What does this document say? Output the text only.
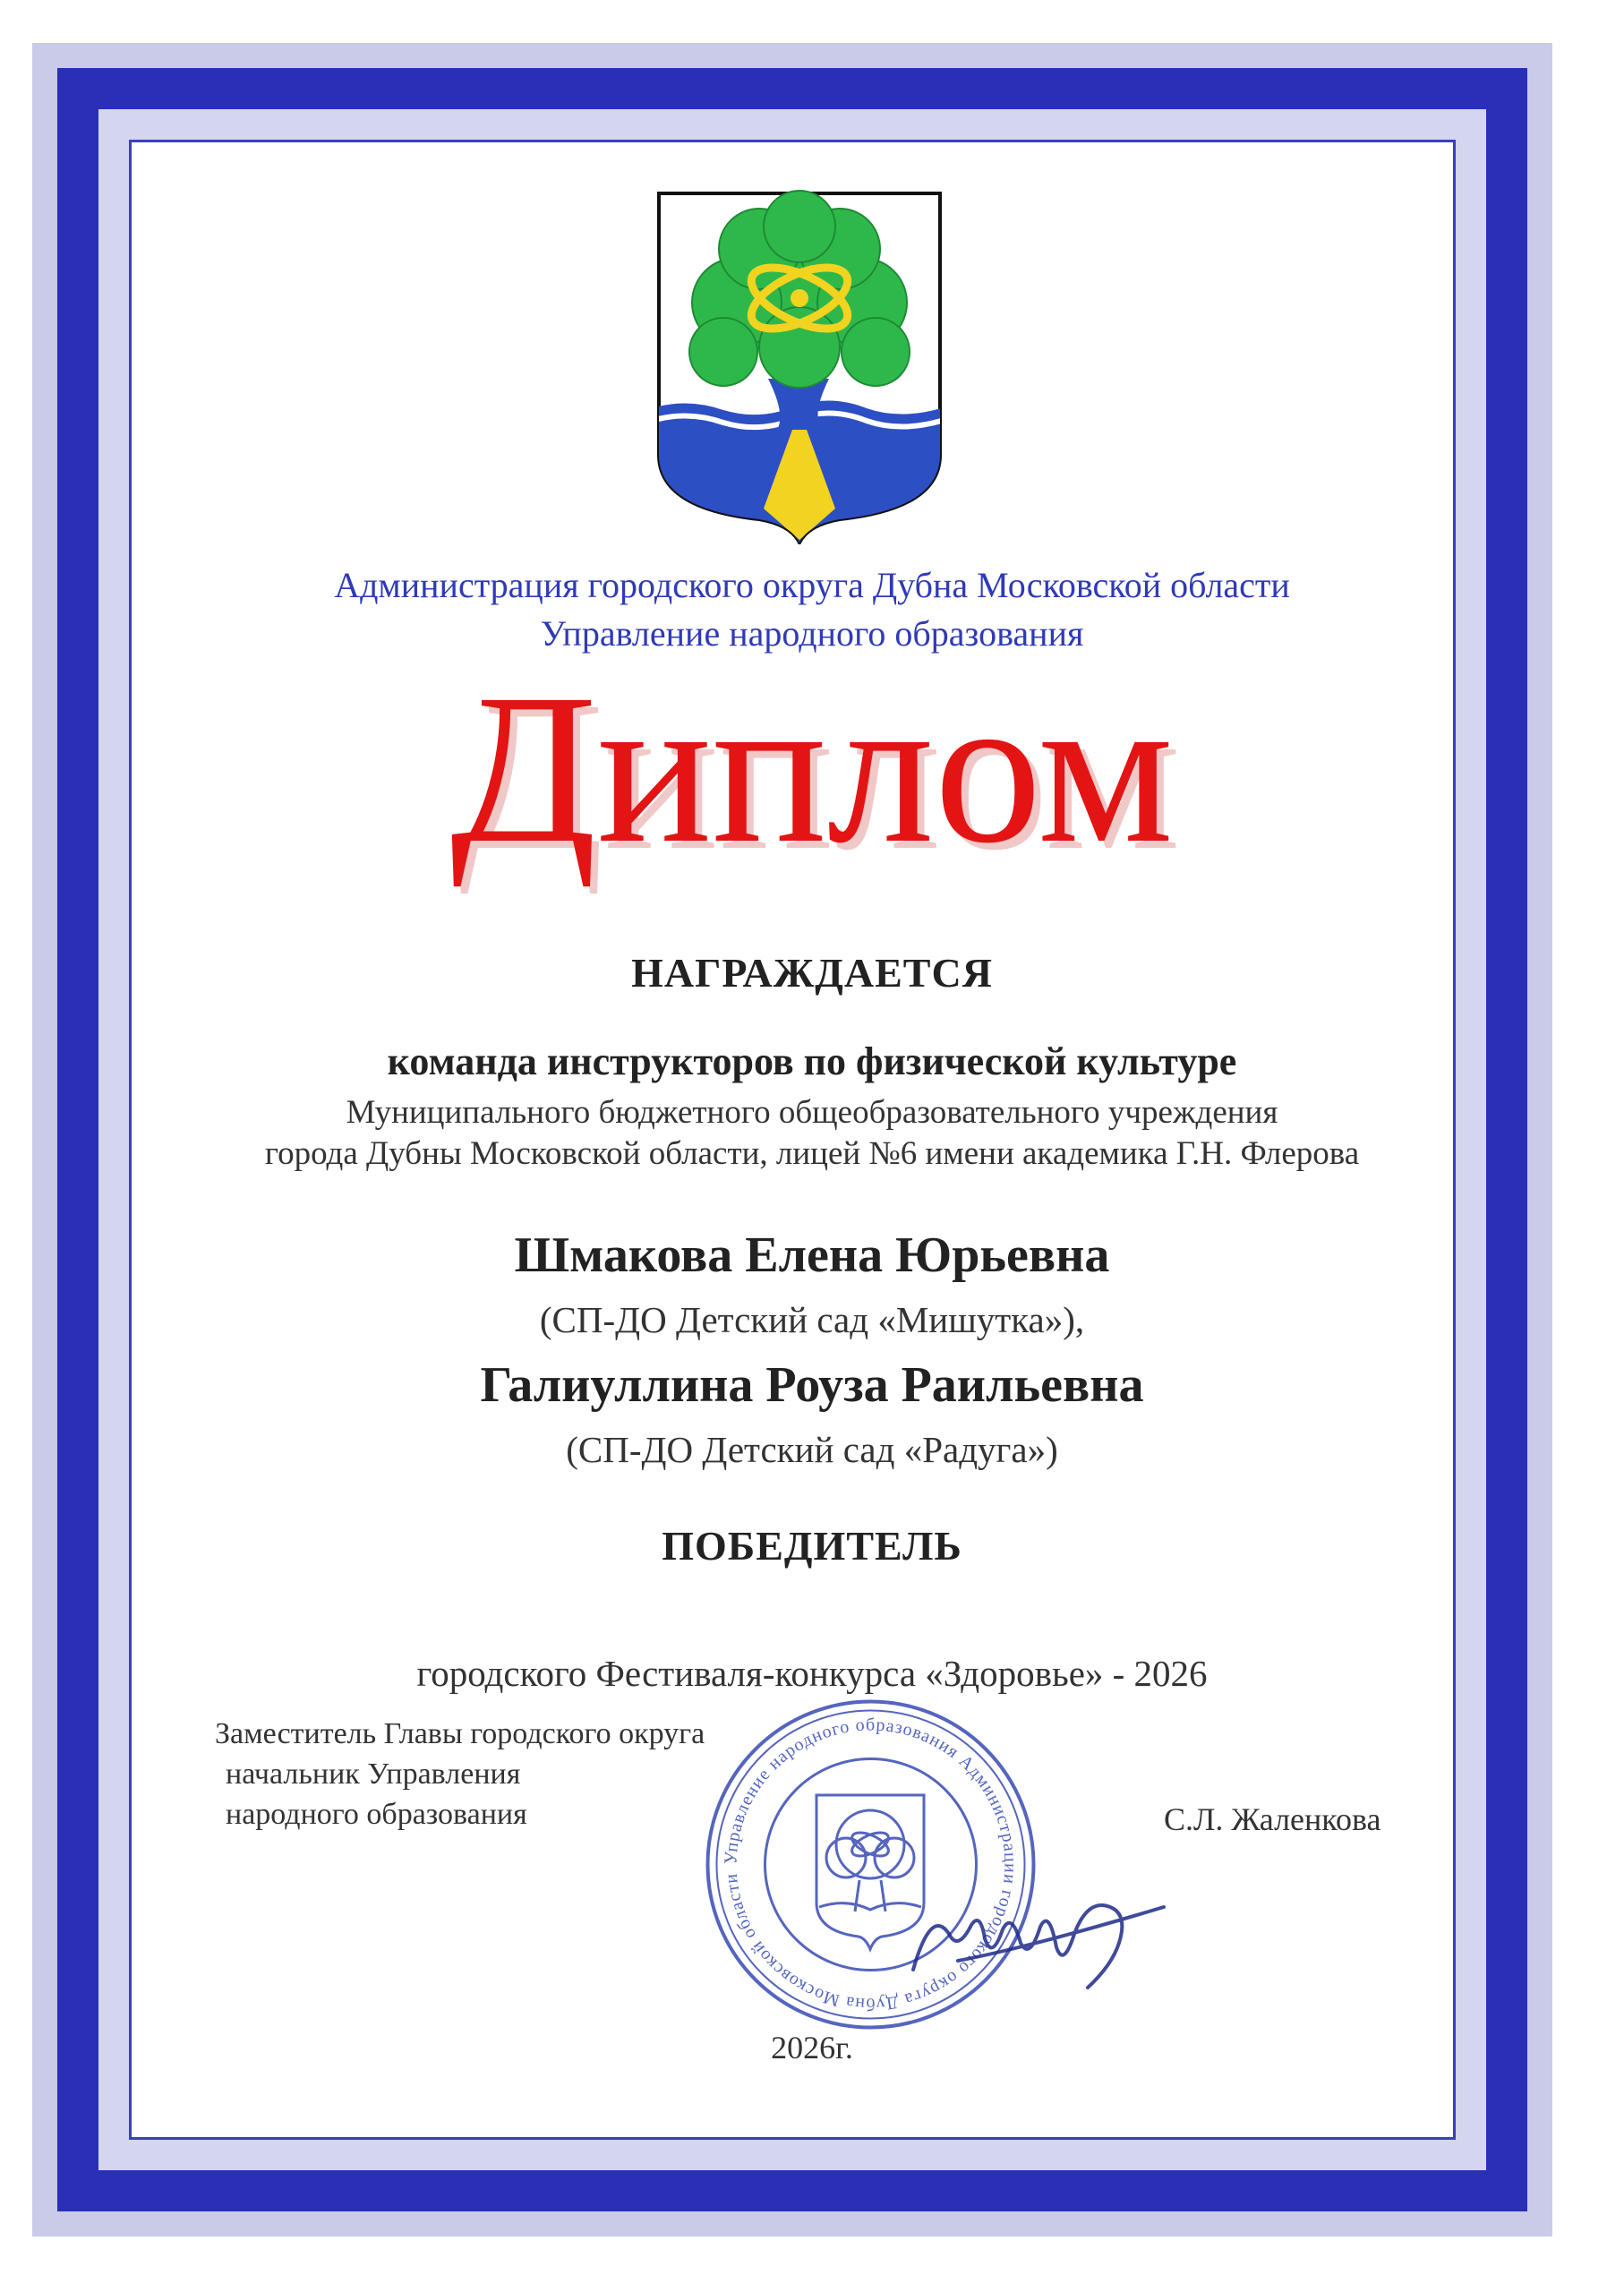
Администрация городского округа Дубна Московской области
Управление народного образования
Диплом
НАГРАЖДАЕТСЯ
команда инструкторов по физической культуре
Муниципального бюджетного общеобразовательного учреждения
города Дубны Московской области, лицей №6 имени академика Г.Н. Флерова
Шмакова Елена Юрьевна
(СП-ДО Детский сад «Мишутка»),
Галиуллина Роуза Раильевна
(СП-ДО Детский сад «Радуга»)
ПОБЕДИТЕЛЬ
городского Фестиваля-конкурса «Здоровье» - 2026
Управление народного образования Администрации городского округа Дубна Московской области
Заместитель Главы городского округа
начальник Управления
народного образования	С.Л. Жаленкова
2026г.
